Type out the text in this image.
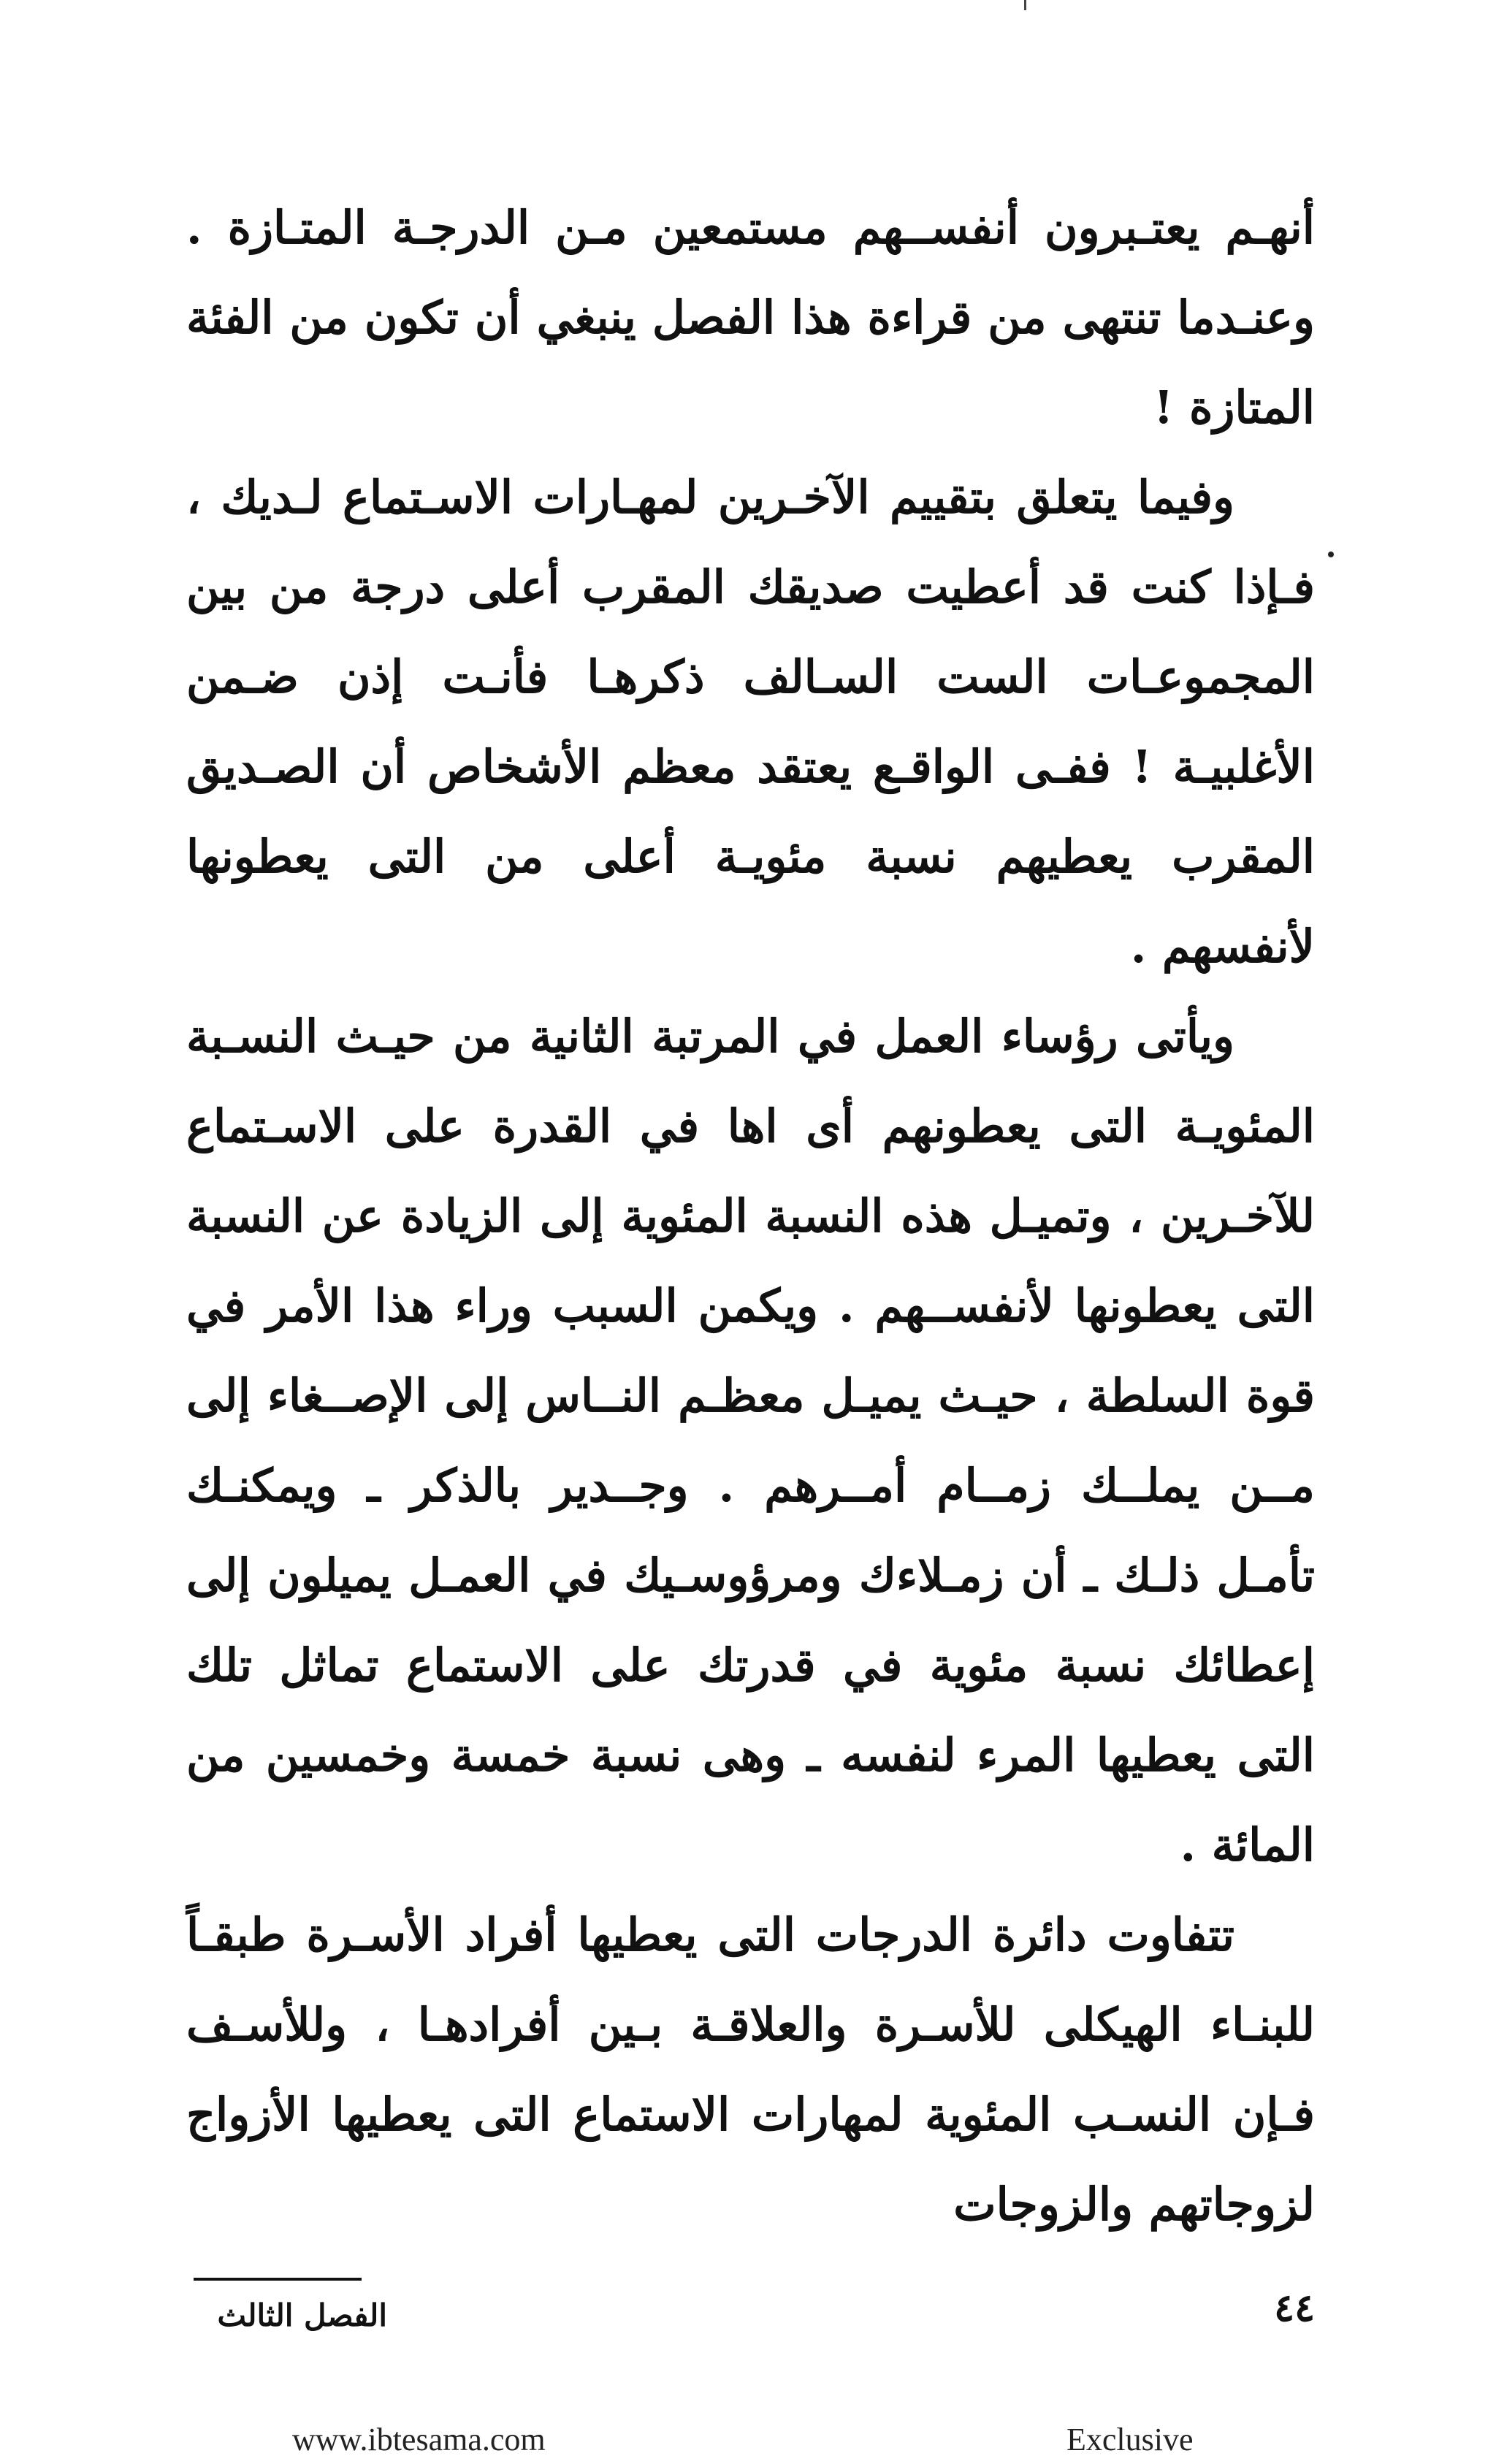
أنهـم يعتـبرون أنفســهم مستمعين مـن الدرجـة المتـازة . وعنـدما تنتهى من قراءة هذا الفصل ينبغي أن تكون من الفئة المتازة !

وفيما يتعلق بتقييم الآخـرين لمهـارات الاسـتماع لـديك ، فـإذا كنت قد أعطيت صديقك المقرب أعلى درجة من بين المجموعـات الست السـالف ذكرهـا فأنـت إذن ضـمن الأغلبيـة ! ففـى الواقـع يعتقد معظم الأشخاص أن الصـديق المقرب يعطيهم نسبة مئويـة أعلى من التى يعطونها لأنفسهم .

ويأتى رؤساء العمل في المرتبة الثانية من حيـث النسـبة المئويـة التى يعطونهم أى اها في القدرة على الاسـتماع للآخـرين ، وتميـل هذه النسبة المئوية إلى الزيادة عن النسبة التى يعطونها لأنفســهم . ويكمن السبب وراء هذا الأمر في قوة السلطة ، حيـث يميـل معظـم النــاس إلى الإصــغاء إلى مــن يملــك زمــام أمــرهم . وجــدير بالذكر ـ ويمكنـك تأمـل ذلـك ـ أن زمـلاءك ومرؤوسـيك في العمـل يميلون إلى إعطائك نسبة مئوية في قدرتك على الاستماع تماثل تلك التى يعطيها المرء لنفسه ـ وهى نسبة خمسة وخمسين من المائة .

تتفاوت دائرة الدرجات التى يعطيها أفراد الأسـرة طبقـاً للبنـاء الهيكلى للأسـرة والعلاقـة بـين أفرادهـا ، وللأسـف فـإن النسـب المئوية لمهارات الاستماع التى يعطيها الأزواج لزوجاتهم والزوجات

الفصل الثالث	٤٤
www.ibtesama.com	Exclusive
